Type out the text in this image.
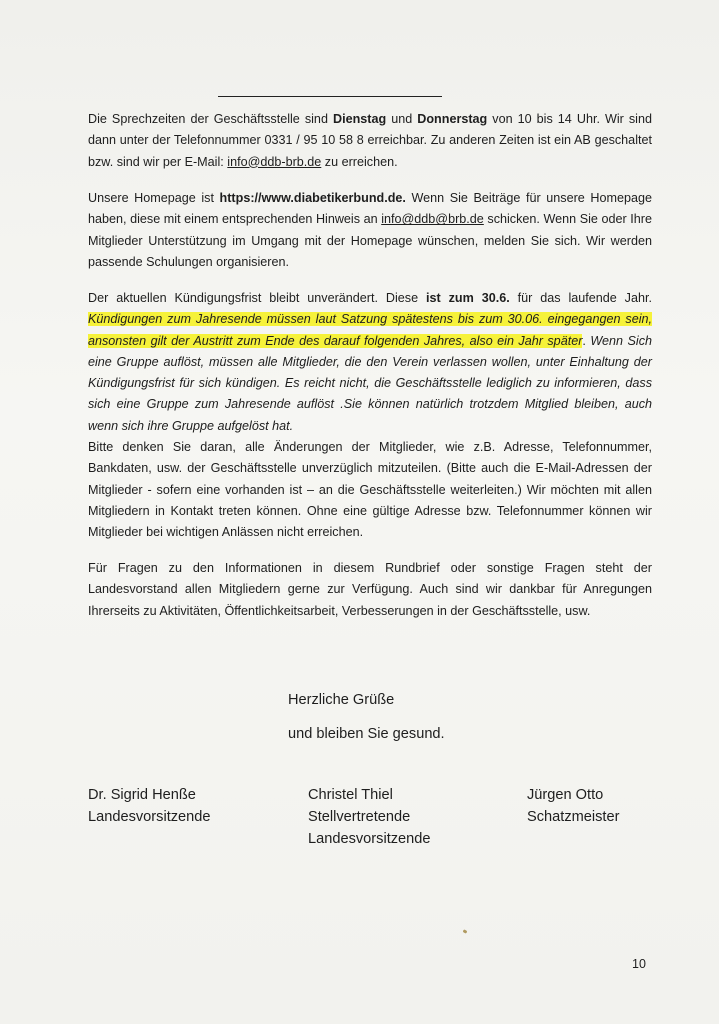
Die Sprechzeiten der Geschäftsstelle sind Dienstag und Donnerstag von 10 bis 14 Uhr. Wir sind dann unter der Telefonnummer 0331 / 95 10 58 8 erreichbar. Zu anderen Zeiten ist ein AB geschaltet bzw. sind wir per E-Mail: info@ddb-brb.de zu erreichen.
Unsere Homepage ist https://www.diabetikerbund.de. Wenn Sie Beiträge für unsere Homepage haben, diese mit einem entsprechenden Hinweis an info@ddb@brb.de schicken. Wenn Sie oder Ihre Mitglieder Unterstützung im Umgang mit der Homepage wünschen, melden Sie sich. Wir werden passende Schulungen organisieren.
Der aktuellen Kündigungsfrist bleibt unverändert. Diese ist zum 30.6. für das laufende Jahr. Kündigungen zum Jahresende müssen laut Satzung spätestens bis zum 30.06. eingegangen sein, ansonsten gilt der Austritt zum Ende des darauf folgenden Jahres, also ein Jahr später. Wenn Sich eine Gruppe auflöst, müssen alle Mitglieder, die den Verein verlassen wollen, unter Einhaltung der Kündigungsfrist für sich kündigen. Es reicht nicht, die Geschäftsstelle lediglich zu informieren, dass sich eine Gruppe zum Jahresende auflöst .Sie können natürlich trotzdem Mitglied bleiben, auch wenn sich ihre Gruppe aufgelöst hat.
Bitte denken Sie daran, alle Änderungen der Mitglieder, wie z.B. Adresse, Telefonnummer, Bankdaten, usw. der Geschäftsstelle unverzüglich mitzuteilen. (Bitte auch die E-Mail-Adressen der Mitglieder - sofern eine vorhanden ist – an die Geschäftsstelle weiterleiten.) Wir möchten mit allen Mitgliedern in Kontakt treten können. Ohne eine gültige Adresse bzw. Telefonnummer können wir Mitglieder bei wichtigen Anlässen nicht erreichen.
Für Fragen zu den Informationen in diesem Rundbrief oder sonstige Fragen steht der Landesvorstand allen Mitgliedern gerne zur Verfügung. Auch sind wir dankbar für Anregungen Ihrerseits zu Aktivitäten, Öffentlichkeitsarbeit, Verbesserungen in der Geschäftsstelle, usw.
Herzliche Grüße
und bleiben Sie gesund.
Dr. Sigrid Henße
Landesvorsitzende
Christel Thiel
Stellvertretende
Landesvorsitzende
Jürgen Otto
Schatzmeister
10
